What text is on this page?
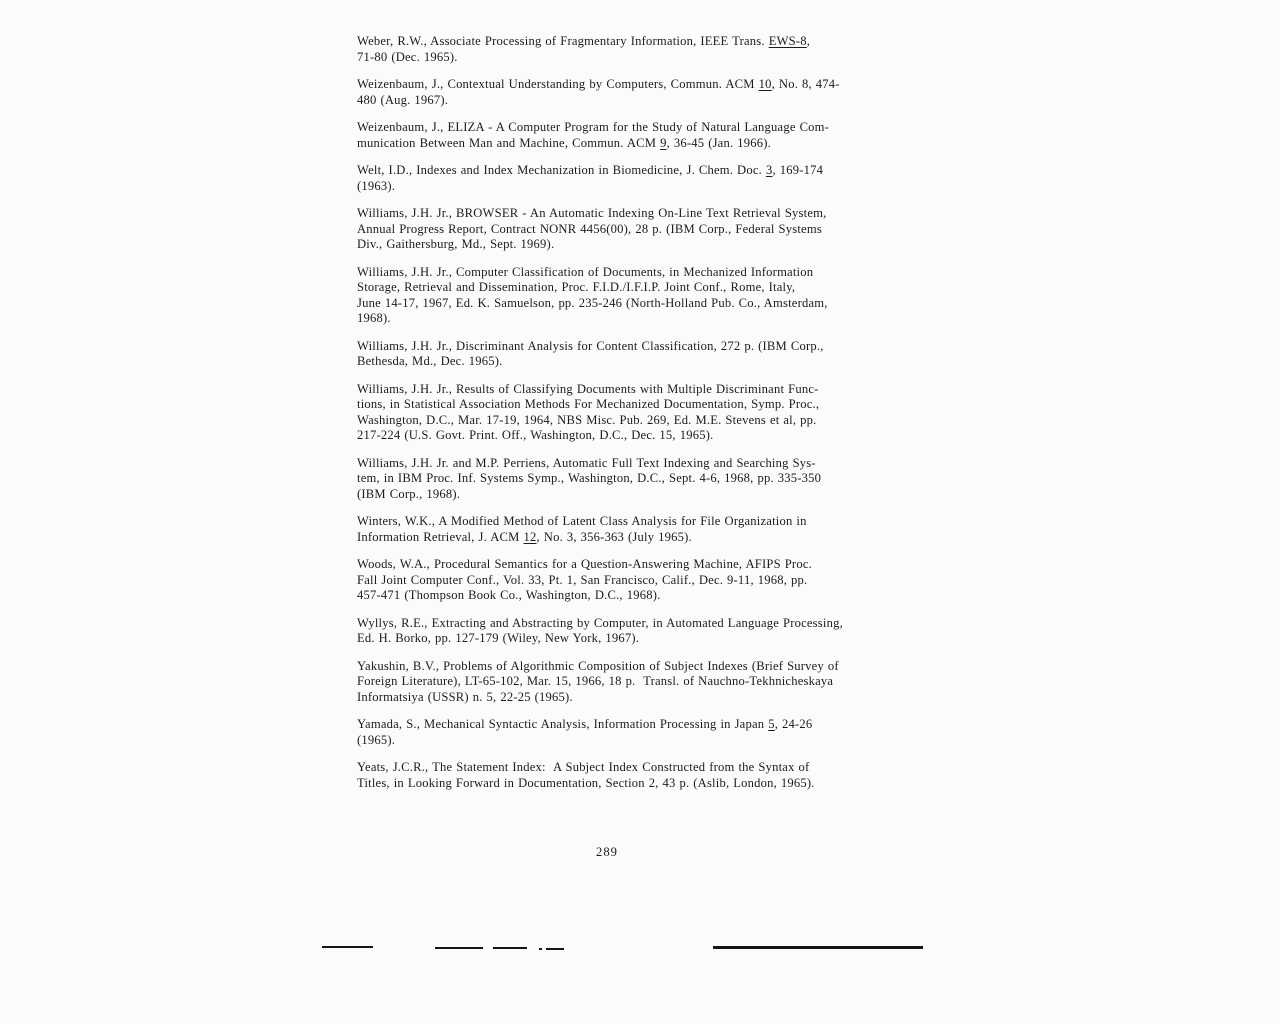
Weber, R.W., Associate Processing of Fragmentary Information, IEEE Trans. EWS-8,
71-80 (Dec. 1965).

Weizenbaum, J., Contextual Understanding by Computers, Commun. ACM 10, No. 8, 474-
480 (Aug. 1967).

Weizenbaum, J., ELIZA - A Computer Program for the Study of Natural Language Com-
munication Between Man and Machine, Commun. ACM 9, 36-45 (Jan. 1966).

Welt, I.D., Indexes and Index Mechanization in Biomedicine, J. Chem. Doc. 3, 169-174
(1963).

Williams, J.H. Jr., BROWSER - An Automatic Indexing On-Line Text Retrieval System,
Annual Progress Report, Contract NONR 4456(00), 28 p. (IBM Corp., Federal Systems
Div., Gaithersburg, Md., Sept. 1969).

Williams, J.H. Jr., Computer Classification of Documents, in Mechanized Information
Storage, Retrieval and Dissemination, Proc. F.I.D./I.F.I.P. Joint Conf., Rome, Italy,
June 14-17, 1967, Ed. K. Samuelson, pp. 235-246 (North-Holland Pub. Co., Amsterdam,
1968).

Williams, J.H. Jr., Discriminant Analysis for Content Classification, 272 p. (IBM Corp.,
Bethesda, Md., Dec. 1965).

Williams, J.H. Jr., Results of Classifying Documents with Multiple Discriminant Func-
tions, in Statistical Association Methods For Mechanized Documentation, Symp. Proc.,
Washington, D.C., Mar. 17-19, 1964, NBS Misc. Pub. 269, Ed. M.E. Stevens et al, pp.
217-224 (U.S. Govt. Print. Off., Washington, D.C., Dec. 15, 1965).

Williams, J.H. Jr. and M.P. Perriens, Automatic Full Text Indexing and Searching Sys-
tem, in IBM Proc. Inf. Systems Symp., Washington, D.C., Sept. 4-6, 1968, pp. 335-350
(IBM Corp., 1968).

Winters, W.K., A Modified Method of Latent Class Analysis for File Organization in
Information Retrieval, J. ACM 12, No. 3, 356-363 (July 1965).

Woods, W.A., Procedural Semantics for a Question-Answering Machine, AFIPS Proc.
Fall Joint Computer Conf., Vol. 33, Pt. 1, San Francisco, Calif., Dec. 9-11, 1968, pp.
457-471 (Thompson Book Co., Washington, D.C., 1968).

Wyllys, R.E., Extracting and Abstracting by Computer, in Automated Language Processing,
Ed. H. Borko, pp. 127-179 (Wiley, New York, 1967).

Yakushin, B.V., Problems of Algorithmic Composition of Subject Indexes (Brief Survey of
Foreign Literature), LT-65-102, Mar. 15, 1966, 18 p.  Transl. of Nauchno-Tekhnicheskaya
Informatsiya (USSR) n. 5, 22-25 (1965).

Yamada, S., Mechanical Syntactic Analysis, Information Processing in Japan 5, 24-26
(1965).

Yeats, J.C.R., The Statement Index:  A Subject Index Constructed from the Syntax of
Titles, in Looking Forward in Documentation, Section 2, 43 p. (Aslib, London, 1965).

289
